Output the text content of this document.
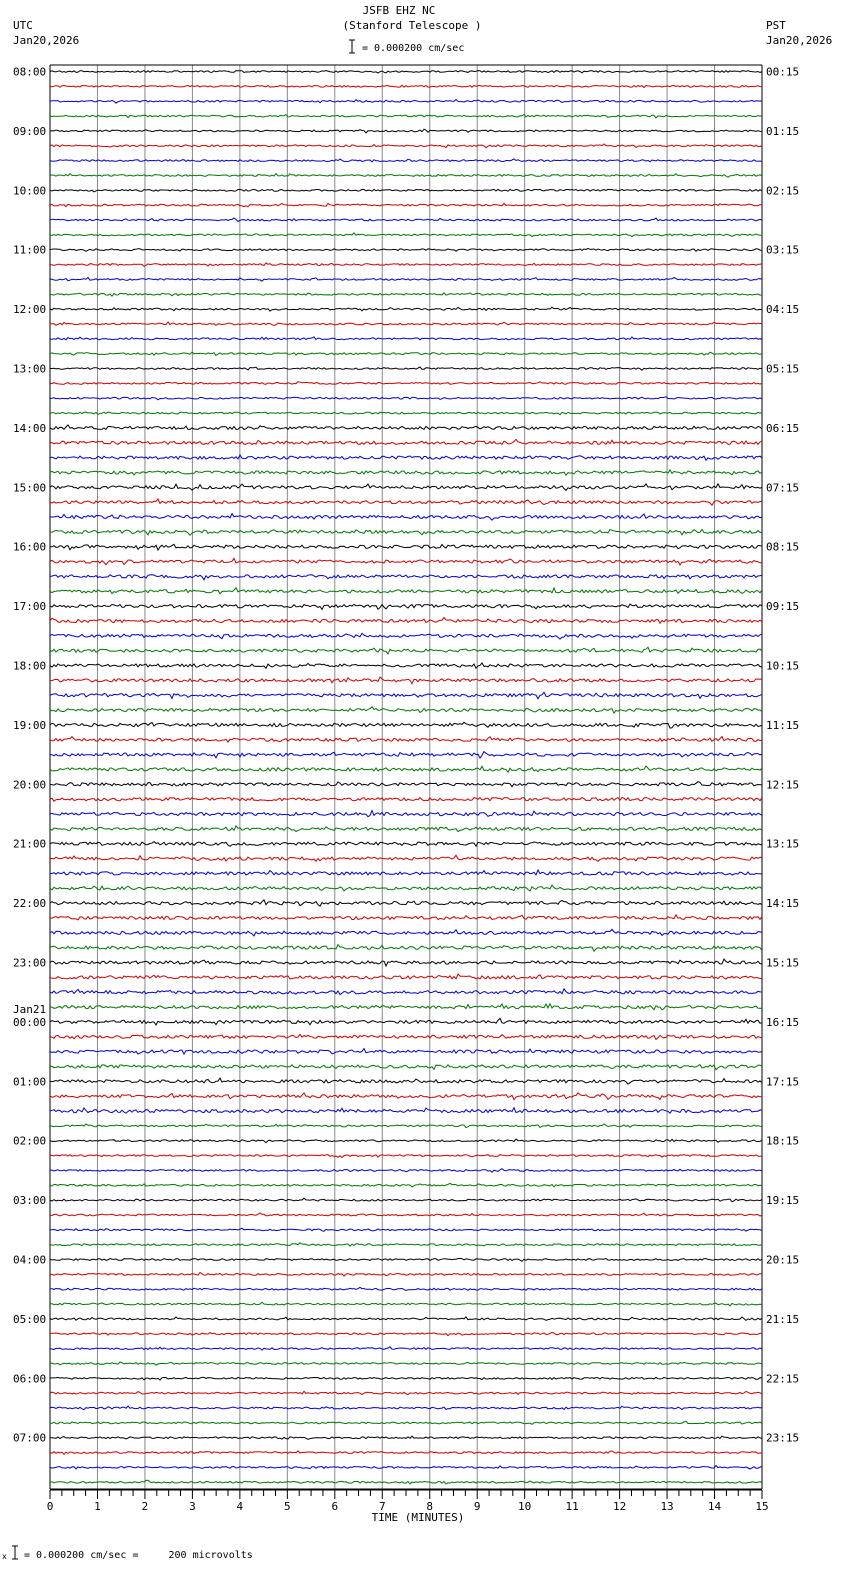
JSFB EHZ NC
(Stanford Telescope )
= 0.000200 cm/sec
UTC
Jan20,2026
PST
Jan20,2026
08:00
09:00
10:00
11:00
12:00
13:00
14:00
15:00
16:00
17:00
18:00
19:00
20:00
21:00
22:00
23:00
00:00
Jan21
01:00
02:00
03:00
04:00
05:00
06:00
07:00
00:15
01:15
02:15
03:15
04:15
05:15
06:15
07:15
08:15
09:15
10:15
11:15
12:15
13:15
14:15
15:15
16:15
17:15
18:15
19:15
20:15
21:15
22:15
23:15
0	1	2	3	4	5	6	7	8	9	10	11	12	13	14	15
TIME (MINUTES)
x = 0.000200 cm/sec =     200 microvolts
